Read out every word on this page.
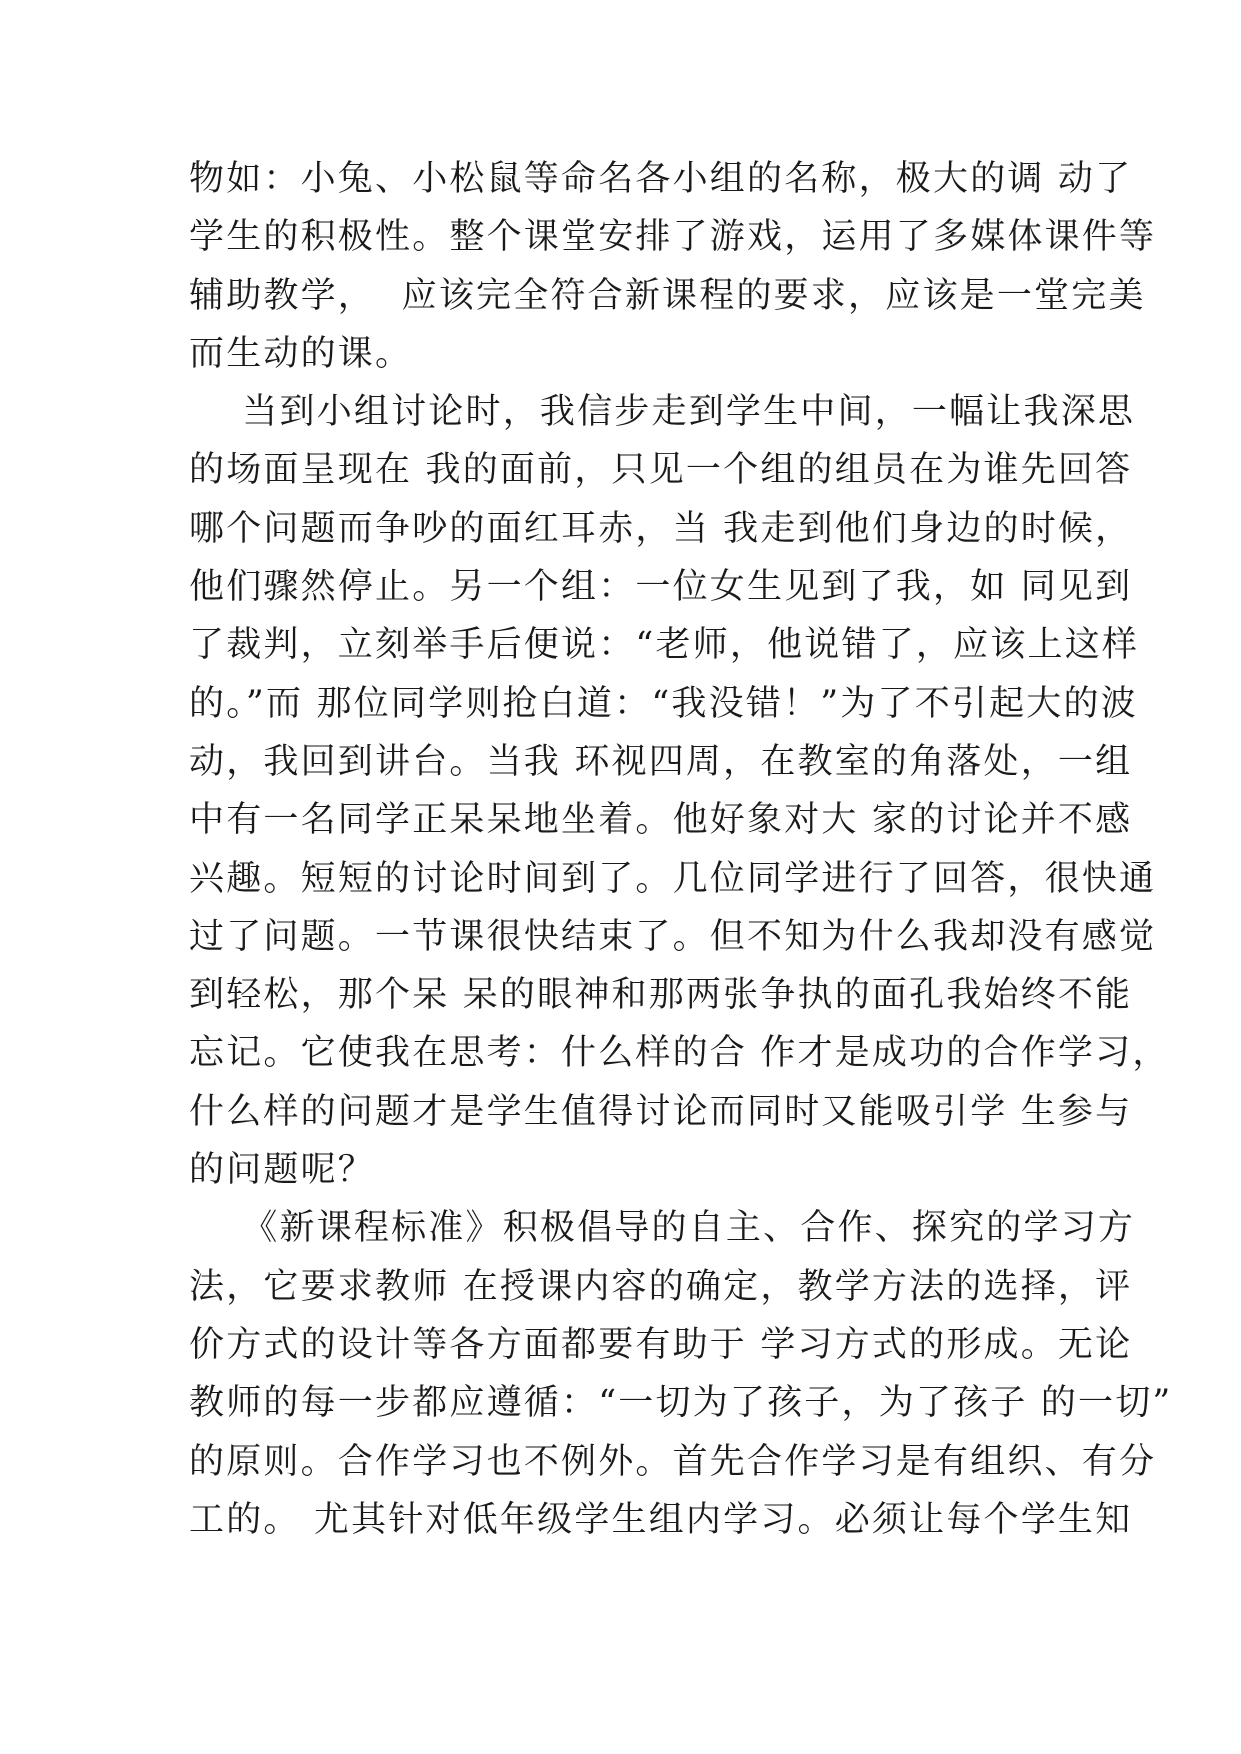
物如：小兔、小松鼠等命名各小组的名称，极大的调 动了
学生的积极性。整个课堂安排了游戏，运用了多媒体课件等
辅助教学，  应该完全符合新课程的要求，应该是一堂完美
而生动的课。
当到小组讨论时，我信步走到学生中间，一幅让我深思
的场面呈现在 我的面前，只见一个组的组员在为谁先回答
哪个问题而争吵的面红耳赤，当 我走到他们身边的时候，
他们骤然停止。另一个组：一位女生见到了我，如 同见到
了裁判，立刻举手后便说：“老师，他说错了，应该上这样
的。”而 那位同学则抢白道：“我没错！”为了不引起大的波
动，我回到讲台。当我 环视四周，在教室的角落处，一组
中有一名同学正呆呆地坐着。他好象对大 家的讨论并不感
兴趣。短短的讨论时间到了。几位同学进行了回答，很快通
过了问题。一节课很快结束了。但不知为什么我却没有感觉
到轻松，那个呆 呆的眼神和那两张争执的面孔我始终不能
忘记。它使我在思考：什么样的合 作才是成功的合作学习，
什么样的问题才是学生值得讨论而同时又能吸引学 生参与
的问题呢？
《新课程标准》积极倡导的自主、合作、探究的学习方
法，它要求教师 在授课内容的确定，教学方法的选择，评
价方式的设计等各方面都要有助于 学习方式的形成。无论
教师的每一步都应遵循：“一切为了孩子，为了孩子 的一切”
的原则。合作学习也不例外。首先合作学习是有组织、有分
工的。 尤其针对低年级学生组内学习。必须让每个学生知
